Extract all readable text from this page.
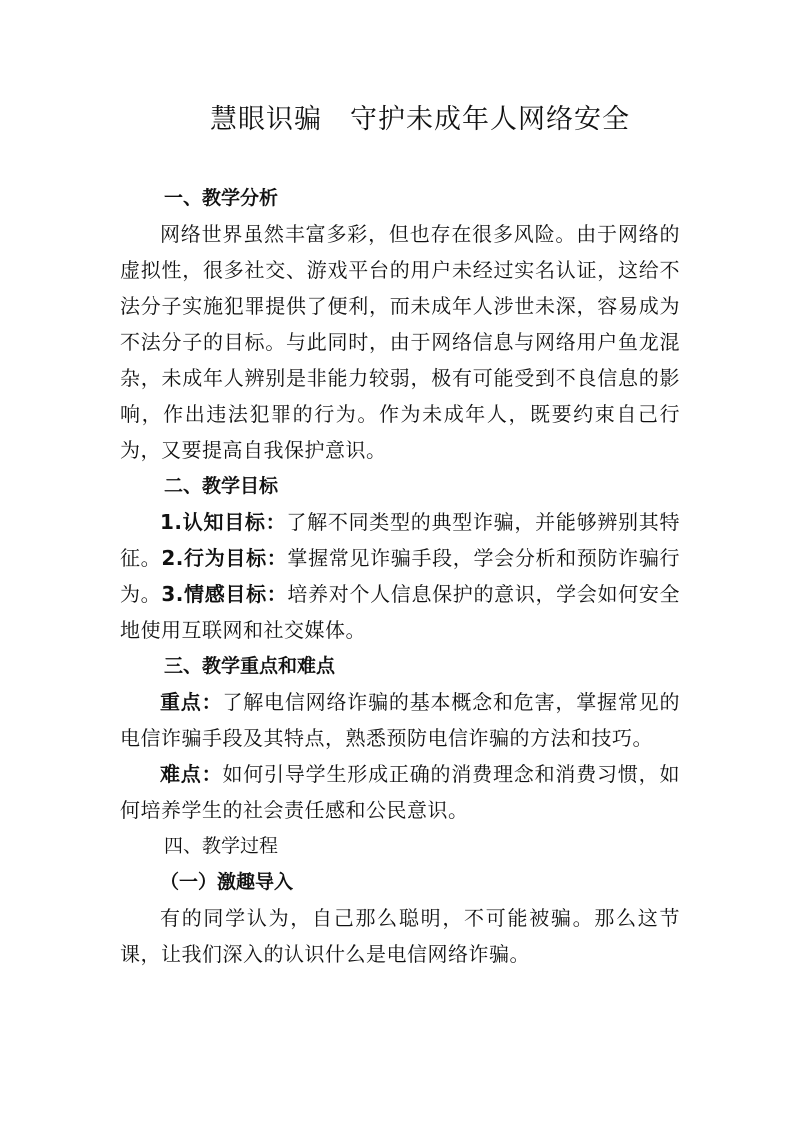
慧眼识骗 守护未成年人网络安全
一、教学分析

网络世界虽然丰富多彩，但也存在很多风险。由于网络的虚拟性，很多社交、游戏平台的用户未经过实名认证，这给不法分子实施犯罪提供了便利，而未成年人涉世未深，容易成为不法分子的目标。与此同时，由于网络信息与网络用户鱼龙混杂，未成年人辨别是非能力较弱，极有可能受到不良信息的影响，作出违法犯罪的行为。作为未成年人，既要约束自己行为，又要提高自我保护意识。

二、教学目标

1.认知目标：了解不同类型的典型诈骗，并能够辨别其特征。2.行为目标：掌握常见诈骗手段，学会分析和预防诈骗行为。3.情感目标：培养对个人信息保护的意识，学会如何安全地使用互联网和社交媒体。

三、教学重点和难点

重点：了解电信网络诈骗的基本概念和危害，掌握常见的电信诈骗手段及其特点，熟悉预防电信诈骗的方法和技巧。

难点：如何引导学生形成正确的消费理念和消费习惯，如何培养学生的社会责任感和公民意识。

四、教学过程
（一）激趣导入

有的同学认为，自己那么聪明，不可能被骗。那么这节课，让我们深入的认识什么是电信网络诈骗。
